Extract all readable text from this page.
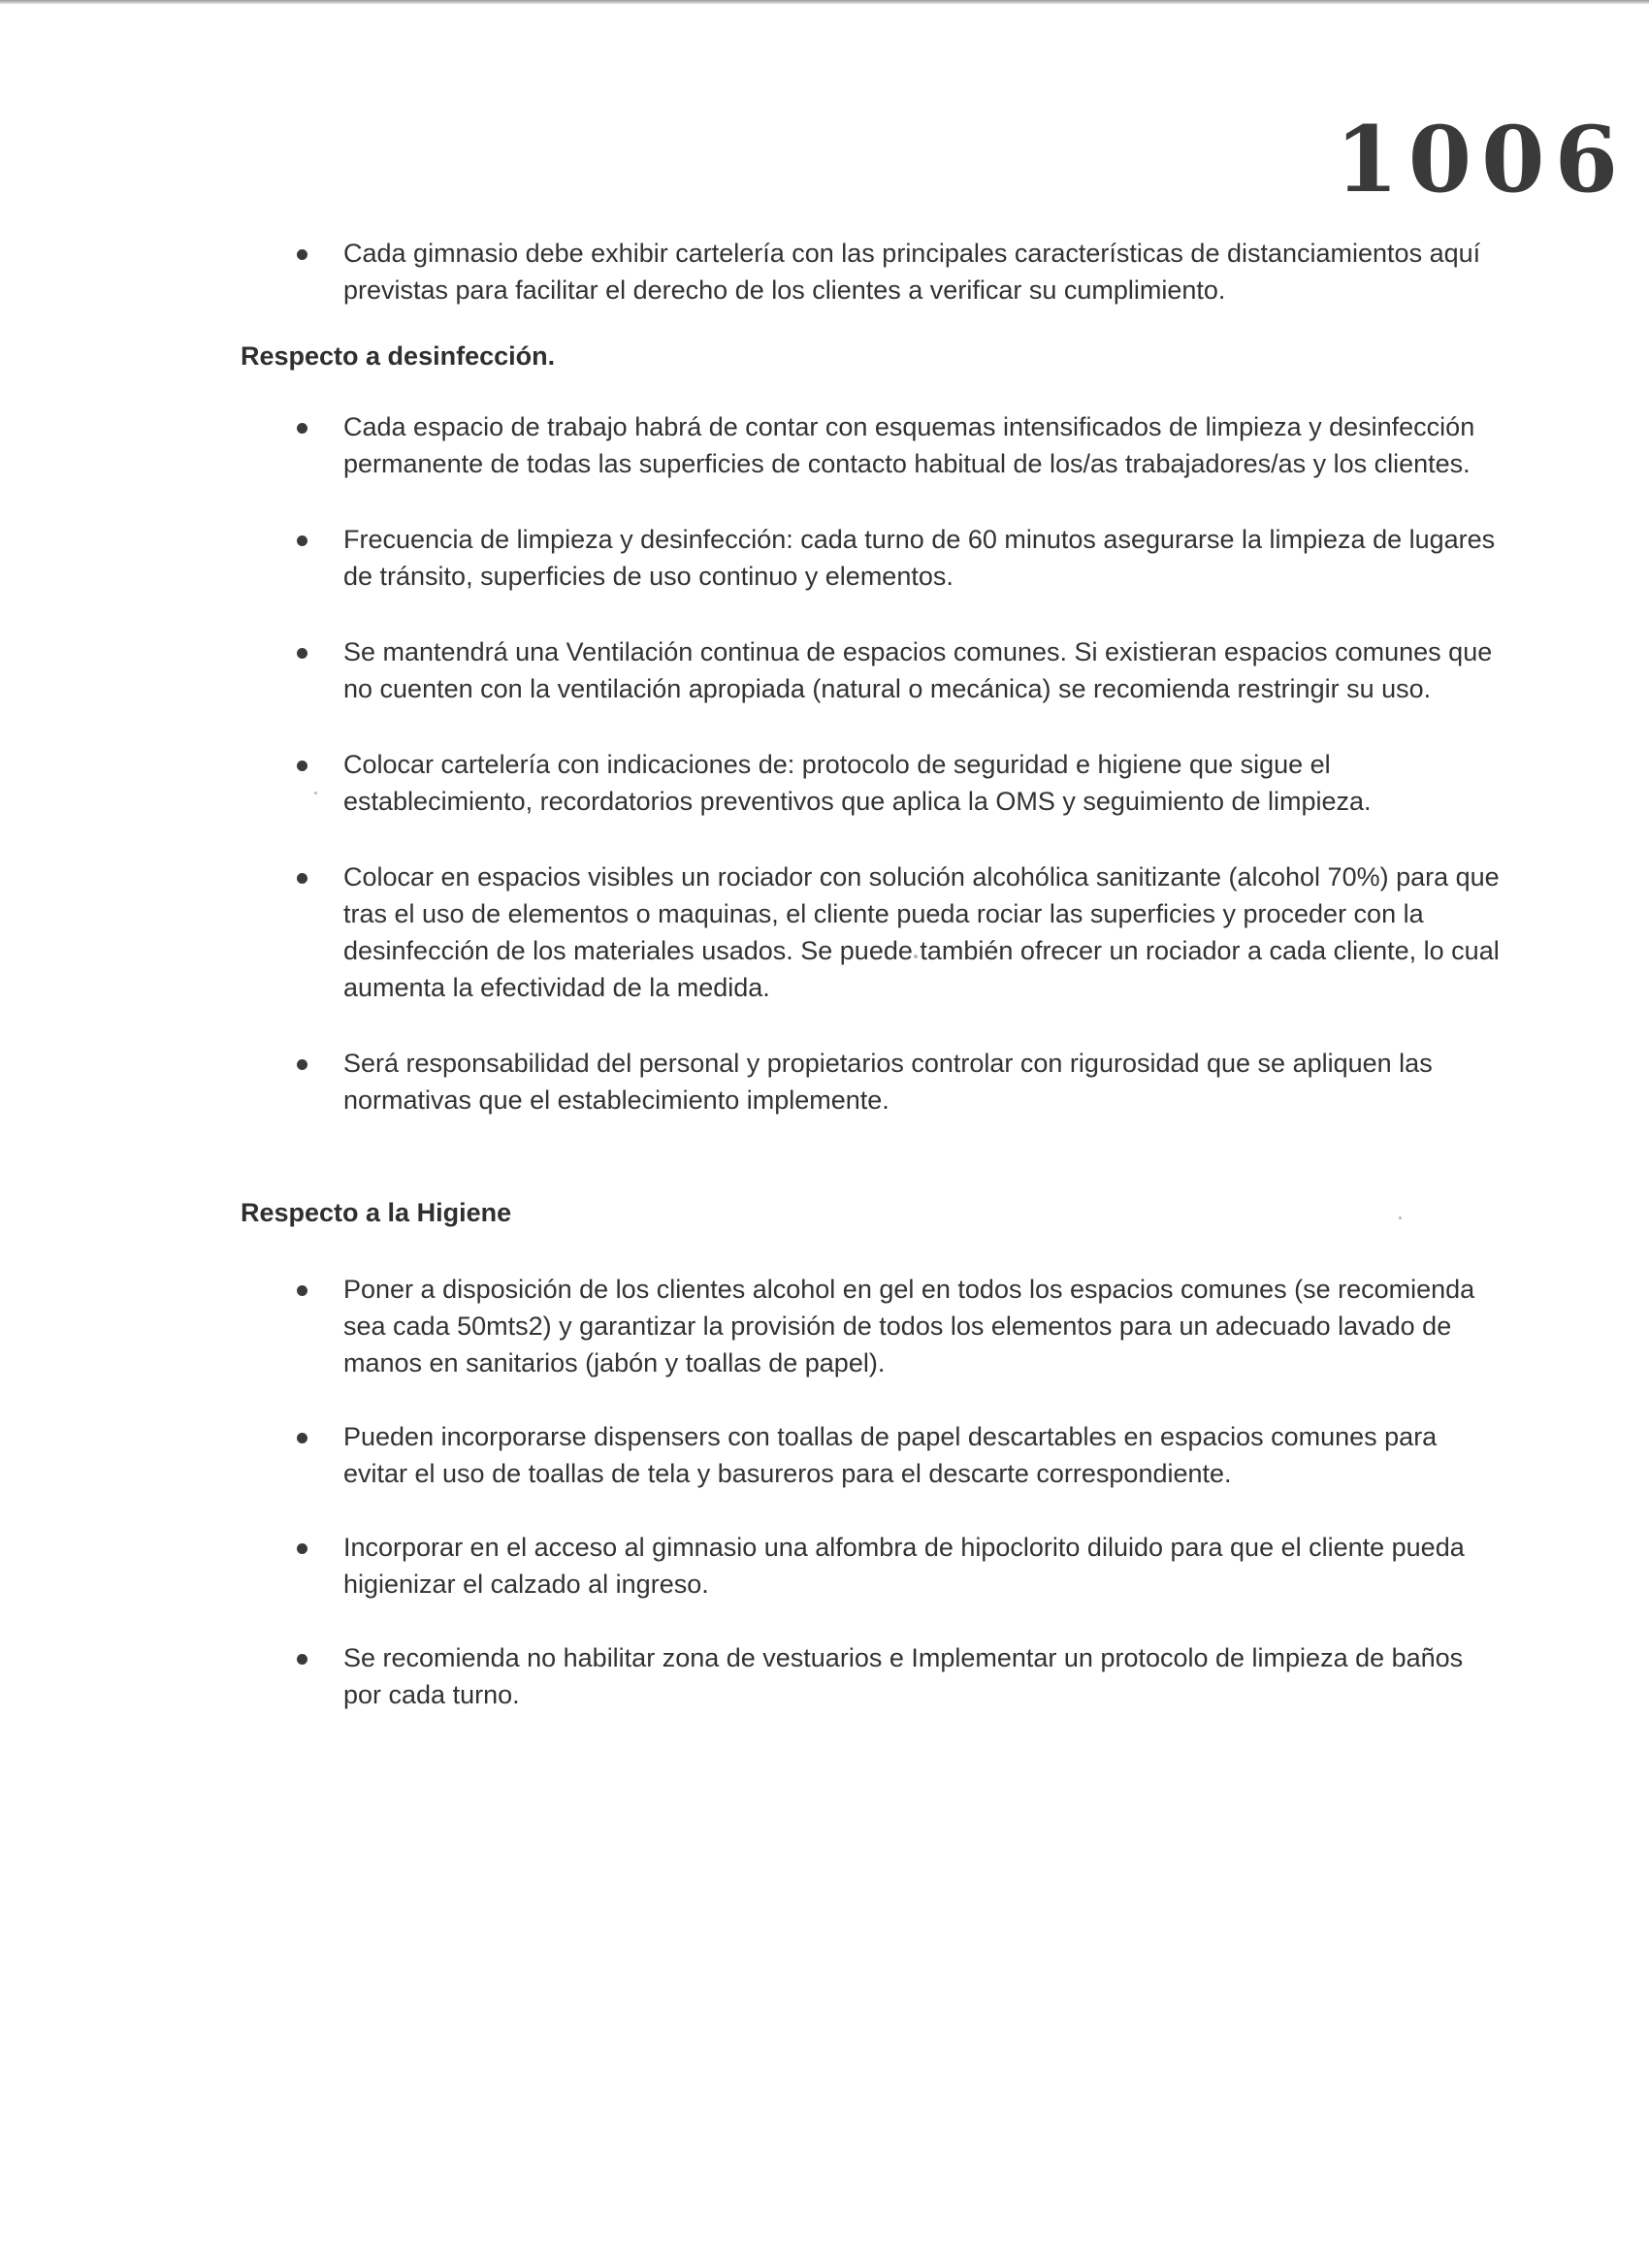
1006
Cada gimnasio debe exhibir cartelería con las principales características de distanciamientos aquí previstas para facilitar el derecho de los clientes a verificar su cumplimiento.
Respecto a desinfección.
Cada espacio de trabajo habrá de contar con esquemas intensificados de limpieza y desinfección permanente de todas las superficies de contacto habitual de los/as trabajadores/as y los clientes.
Frecuencia de limpieza y desinfección: cada turno de 60 minutos asegurarse la limpieza de lugares de tránsito, superficies de uso continuo y elementos.
Se mantendrá una Ventilación continua de espacios comunes. Si existieran espacios comunes que no cuenten con la ventilación apropiada (natural o mecánica) se recomienda restringir su uso.
Colocar cartelería con indicaciones de: protocolo de seguridad e higiene que sigue el establecimiento, recordatorios preventivos que aplica la OMS y seguimiento de limpieza.
Colocar en espacios visibles un rociador con solución alcohólica sanitizante (alcohol 70%) para que tras el uso de elementos o maquinas, el cliente pueda rociar las superficies y proceder con la desinfección de los materiales usados. Se puede también ofrecer un rociador a cada cliente, lo cual aumenta la efectividad de la medida.
Será responsabilidad del personal y propietarios controlar con rigurosidad que se apliquen las normativas que el establecimiento implemente.
Respecto a la Higiene
Poner a disposición de los clientes alcohol en gel en todos los espacios comunes (se recomienda sea cada 50mts2) y garantizar la provisión de todos los elementos para un adecuado lavado de manos en sanitarios (jabón y toallas de papel).
Pueden incorporarse dispensers con toallas de papel descartables en espacios comunes para evitar el uso de toallas de tela y basureros para el descarte correspondiente.
Incorporar en el acceso al gimnasio una alfombra de hipoclorito diluido para que el cliente pueda higienizar el calzado al ingreso.
Se recomienda no habilitar zona de vestuarios e Implementar un protocolo de limpieza de baños por cada turno.
